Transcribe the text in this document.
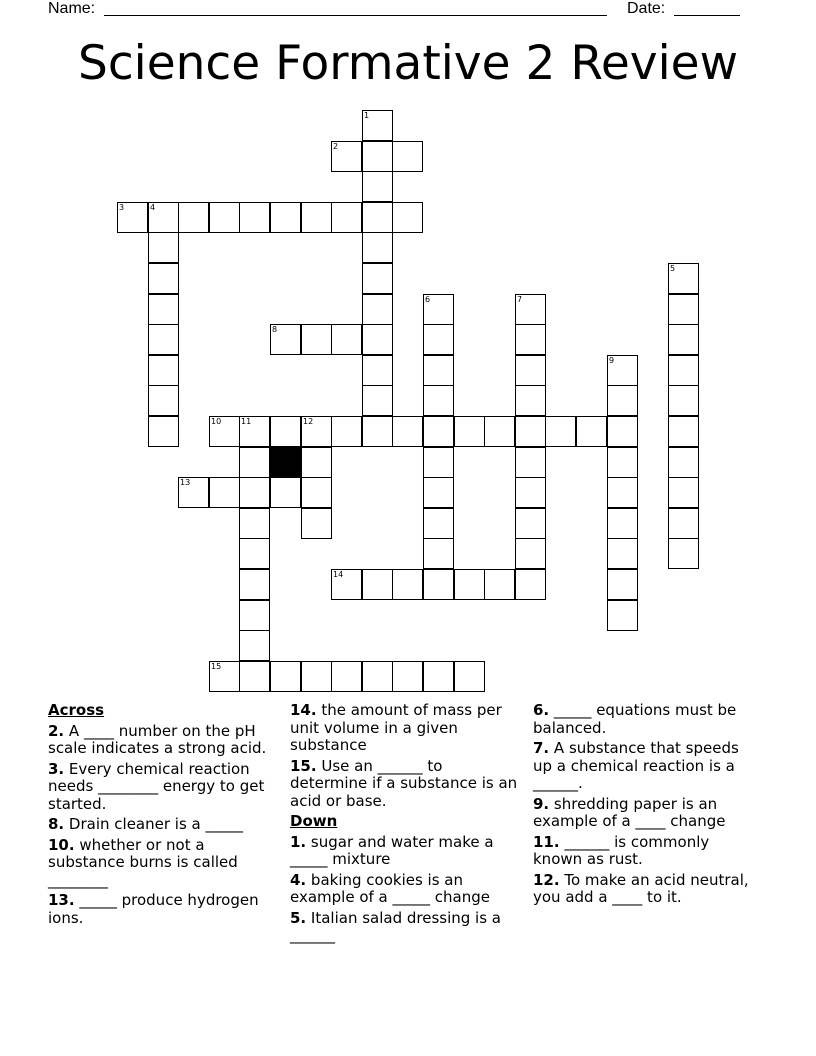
Name:	Date:
Science Formative 2 Review
1
2
3	4
5
6	7
8
9
10 11	12
13
14
15
Across
2. A ____ number on the pH scale indicates a strong acid.
3. Every chemical reaction needs ________ energy to get started.
8. Drain cleaner is a _____
10. whether or not a substance burns is called ________
13. _____ produce hydrogen ions.
14. the amount of mass per unit volume in a given substance
15. Use an ______ to determine if a substance is an acid or base.
Down
1. sugar and water make a _____ mixture
4. baking cookies is an example of a _____ change
5. Italian salad dressing is a ______
6. _____ equations must be balanced.
7. A substance that speeds up a chemical reaction is a ______.
9. shredding paper is an example of a ____ change
11. ______ is commonly known as rust.
12. To make an acid neutral, you add a ____ to it.
